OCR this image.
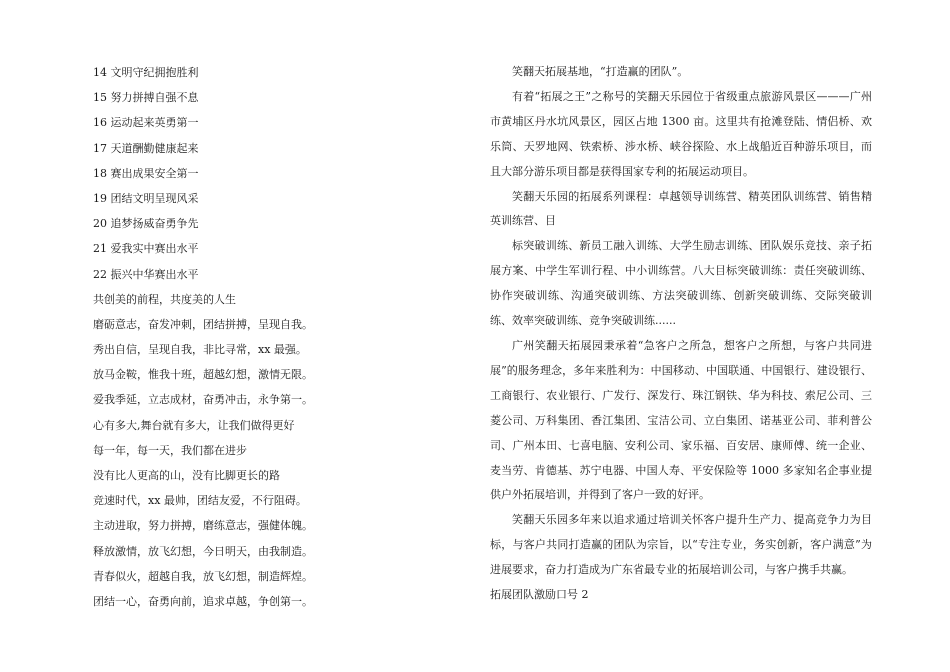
14 文明守纪拥抱胜利
15 努力拼搏自强不息
16 运动起来英勇第一
17 天道酬勤健康起来
18 赛出成果安全第一
19 团结文明呈现风采
20 追梦扬威奋勇争先
21 爱我实中赛出水平
22 振兴中华赛出水平
共创美的前程，共度美的人生
磨砺意志，奋发冲刺，团结拼搏，呈现自我。
秀出自信，呈现自我，非比寻常，xx 最强。
放马金鞍，惟我十班，超越幻想，激情无限。
爱我季延，立志成材，奋勇冲击，永争第一。
心有多大,舞台就有多大，让我们做得更好
每一年，每一天，我们都在进步
没有比人更高的山，没有比脚更长的路
竞速时代，xx 最帅，团结友爱，不行阻碍。
主动进取，努力拼搏，磨练意志，强健体魄。
释放激情，放飞幻想，今日明天，由我制造。
青春似火，超越自我，放飞幻想，制造辉煌。
团结一心，奋勇向前，追求卓越，争创第一。

笑翻天拓展基地，“打造赢的团队”。

有着“拓展之王”之称号的笑翻天乐园位于省级重点旅游风景区———广州市黄埔区丹水坑风景区，园区占地 1300 亩。这里共有抢滩登陆、情侣桥、欢乐筒、天罗地网、铁索桥、涉水桥、峡谷探险、水上战船近百种游乐项目，而且大部分游乐项目都是获得国家专利的拓展运动项目。

笑翻天乐园的拓展系列课程：卓越领导训练营、精英团队训练营、销售精英训练营、目

标突破训练、新员工融入训练、大学生励志训练、团队娱乐竞技、亲子拓展方案、中学生军训行程、中小训练营。八大目标突破训练：责任突破训练、协作突破训练、沟通突破训练、方法突破训练、创新突破训练、交际突破训练、效率突破训练、竞争突破训练......

广州笑翻天拓展园秉承着“急客户之所急，想客户之所想，与客户共同进展”的服务理念，多年来胜利为：中国移动、中国联通、中国银行、建设银行、工商银行、农业银行、广发行、深发行、珠江钢铁、华为科技、索尼公司、三菱公司、万科集团、香江集团、宝洁公司、立白集团、诺基亚公司、菲利普公司、广州本田、七喜电脑、安利公司、家乐福、百安居、康师傅、统一企业、麦当劳、肯德基、苏宁电器、中国人寿、平安保险等 1000 多家知名企事业提供户外拓展培训，并得到了客户一致的好评。

笑翻天乐园多年来以追求通过培训关怀客户提升生产力、提高竞争力为目标，与客户共同打造赢的团队为宗旨，以“专注专业，务实创新，客户满意”为进展要求，奋力打造成为广东省最专业的拓展培训公司，与客户携手共赢。

拓展团队激励口号 2
